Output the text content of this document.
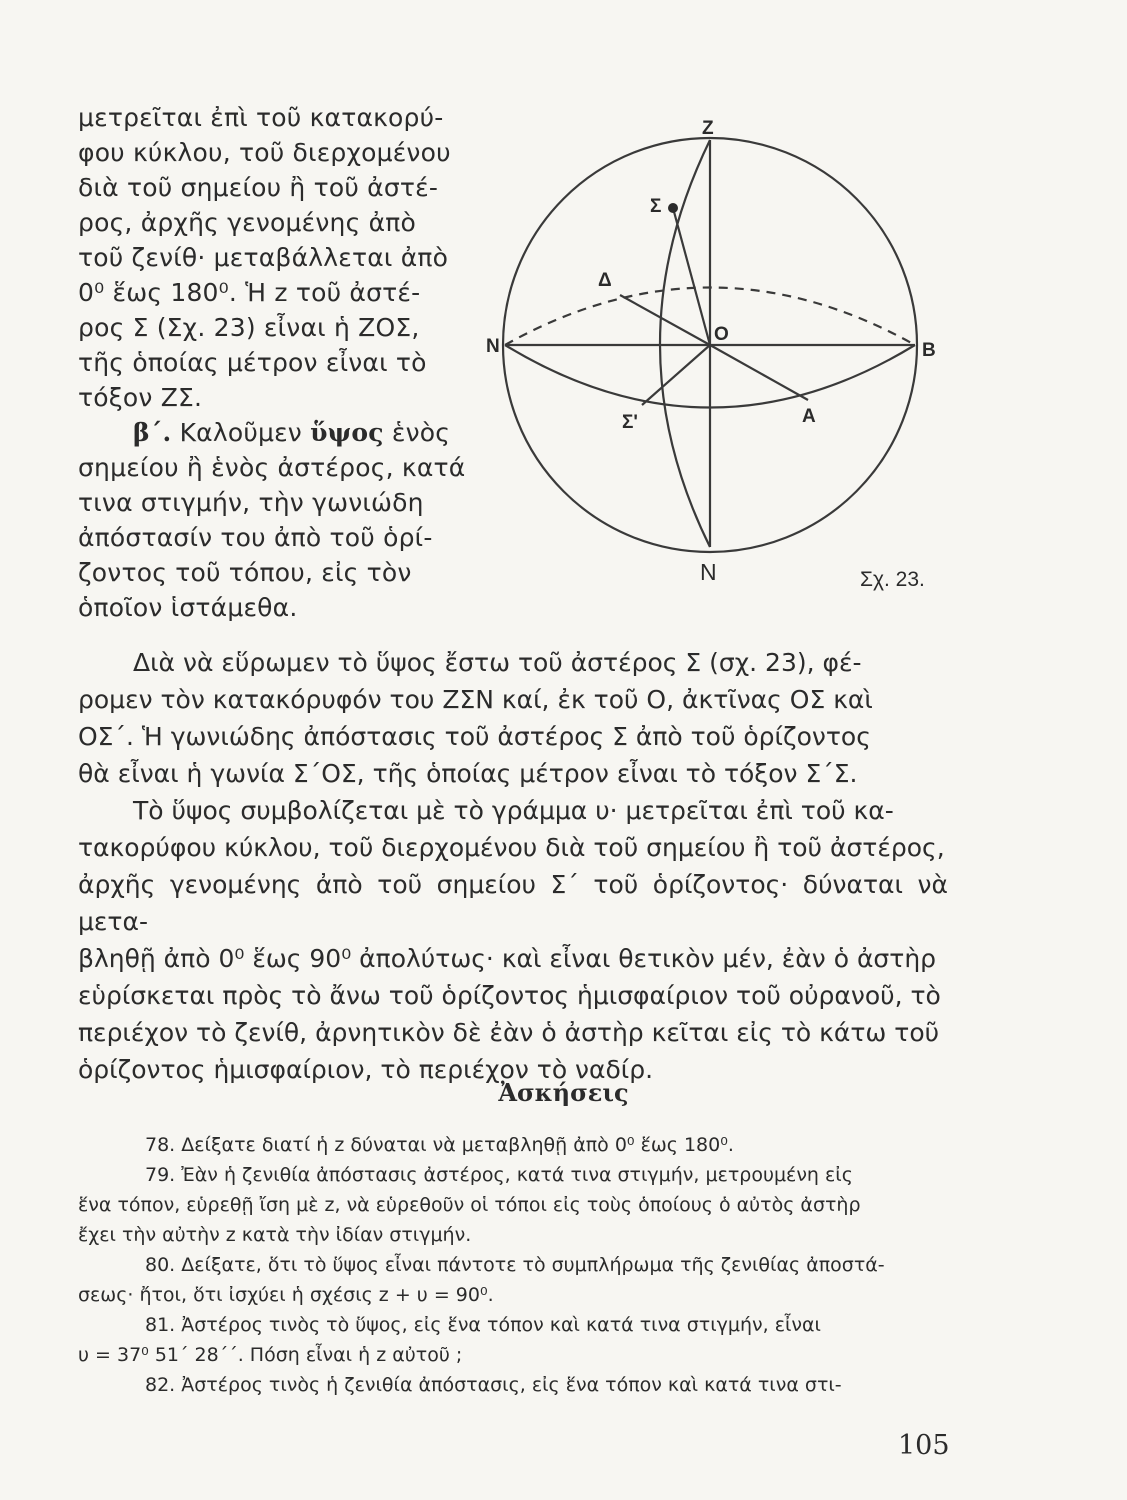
μετρεῖται ἐπὶ τοῦ κατακορύ-

φου κύκλου, τοῦ διερχομένου

διὰ τοῦ σημείου ἢ τοῦ ἀστέ-

ρος, ἀρχῆς γενομένης ἀπὸ

τοῦ ζενίθ· μεταβάλλεται ἀπὸ

0⁰ ἕως 180⁰. Ἡ z τοῦ ἀστέ-

ρος Σ (Σχ. 23) εἶναι ἡ ΖΟΣ,

τῆς ὁποίας μέτρον εἶναι τὸ

τόξον ΖΣ.

β΄. Καλοῦμεν ὕψος ἑνὸς

σημείου ἢ ἑνὸς ἀστέρος, κατά

τινα στιγμήν, τὴν γωνιώδη

ἀπόστασίν του ἀπὸ τοῦ ὁρί-

ζοντος τοῦ τόπου, εἰς τὸν

ὁποῖον ἱστάμεθα.

Z
Σ
Δ
O
N	B
Σ'	A
N	Σχ. 23.

Διὰ νὰ εὕρωμεν τὸ ὕψος ἔστω τοῦ ἀστέρος Σ (σχ. 23), φέ-

ρομεν τὸν κατακόρυφόν του ΖΣΝ καί, ἐκ τοῦ Ο, ἀκτῖνας ΟΣ καὶ

ΟΣ΄. Ἡ γωνιώδης ἀπόστασις τοῦ ἀστέρος Σ ἀπὸ τοῦ ὁρίζοντος

θὰ εἶναι ἡ γωνία Σ΄ΟΣ, τῆς ὁποίας μέτρον εἶναι τὸ τόξον Σ΄Σ.

Τὸ ὕψος συμβολίζεται μὲ τὸ γράμμα υ· μετρεῖται ἐπὶ τοῦ κα-

τακορύφου κύκλου, τοῦ διερχομένου διὰ τοῦ σημείου ἢ τοῦ ἀστέρος,

ἀρχῆς γενομένης ἀπὸ τοῦ σημείου Σ΄ τοῦ ὁρίζοντος· δύναται νὰ μετα-

βληθῇ ἀπὸ 0⁰ ἕως 90⁰ ἀπολύτως· καὶ εἶναι θετικὸν μέν, ἐὰν ὁ ἀστὴρ

εὑρίσκεται πρὸς τὸ ἄνω τοῦ ὁρίζοντος ἡμισφαίριον τοῦ οὐρανοῦ, τὸ

περιέχον τὸ ζενίθ, ἀρνητικὸν δὲ ἐὰν ὁ ἀστὴρ κεῖται εἰς τὸ κάτω τοῦ

ὁρίζοντος ἡμισφαίριον, τὸ περιέχον τὸ ναδίρ.

Ἀσκήσεις

78. Δείξατε διατί ἡ z δύναται νὰ μεταβληθῇ ἀπὸ 0⁰ ἕως 180⁰.

79. Ἐὰν ἡ ζενιθία ἀπόστασις ἀστέρος, κατά τινα στιγμήν, μετρουμένη εἰς

ἕνα τόπον, εὑρεθῇ ἴση μὲ z, νὰ εὑρεθοῦν οἱ τόποι εἰς τοὺς ὁποίους ὁ αὐτὸς ἀστὴρ

ἔχει τὴν αὐτὴν z κατὰ τὴν ἰδίαν στιγμήν.

80. Δείξατε, ὅτι τὸ ὕψος εἶναι πάντοτε τὸ συμπλήρωμα τῆς ζενιθίας ἀποστά-

σεως· ἤτοι, ὅτι ἰσχύει ἡ σχέσις z + υ = 90⁰.

81. Ἀστέρος τινὸς τὸ ὕψος, εἰς ἕνα τόπον καὶ κατά τινα στιγμήν, εἶναι

υ = 37⁰ 51΄ 28΄΄. Πόση εἶναι ἡ z αὐτοῦ ;

82. Ἀστέρος τινὸς ἡ ζενιθία ἀπόστασις, εἰς ἕνα τόπον καὶ κατά τινα στι-

105
